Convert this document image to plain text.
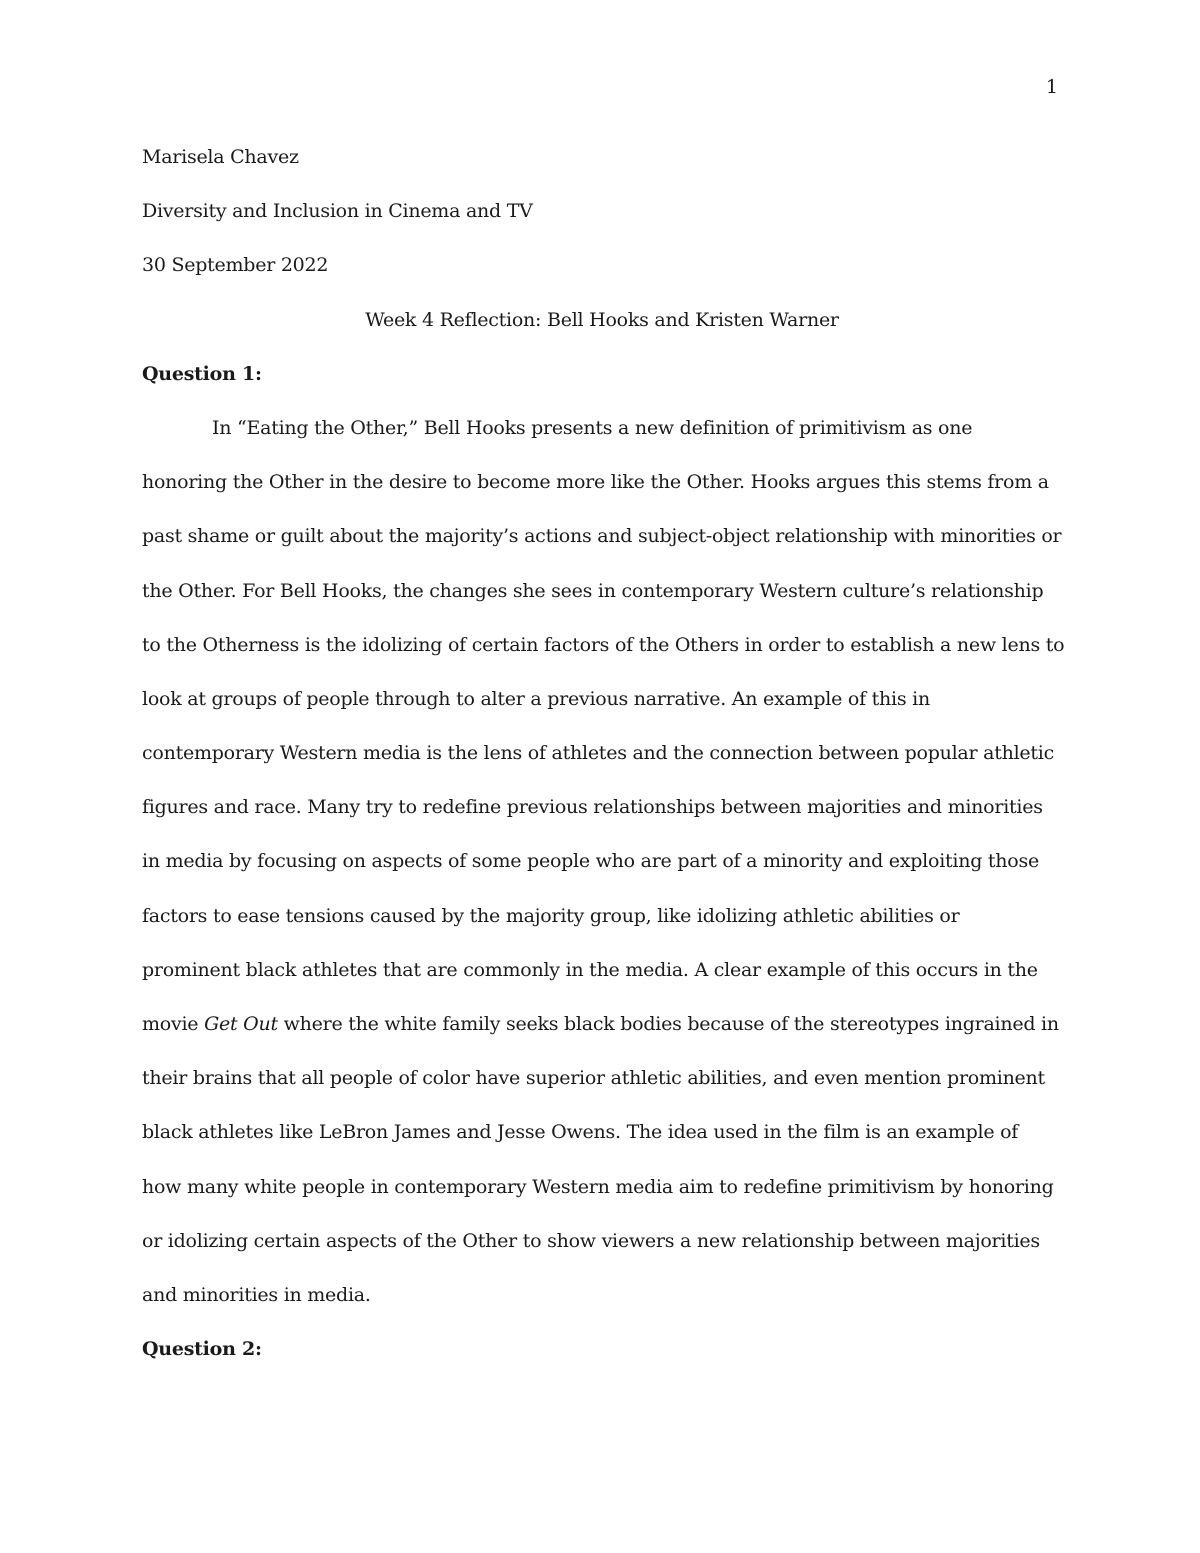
1
Marisela Chavez
Diversity and Inclusion in Cinema and TV
30 September 2022
Week 4 Reflection: Bell Hooks and Kristen Warner
Question 1:
In “Eating the Other,” Bell Hooks presents a new definition of primitivism as one
honoring the Other in the desire to become more like the Other. Hooks argues this stems from a
past shame or guilt about the majority’s actions and subject-object relationship with minorities or
the Other. For Bell Hooks, the changes she sees in contemporary Western culture’s relationship
to the Otherness is the idolizing of certain factors of the Others in order to establish a new lens to
look at groups of people through to alter a previous narrative. An example of this in
contemporary Western media is the lens of athletes and the connection between popular athletic
figures and race. Many try to redefine previous relationships between majorities and minorities
in media by focusing on aspects of some people who are part of a minority and exploiting those
factors to ease tensions caused by the majority group, like idolizing athletic abilities or
prominent black athletes that are commonly in the media. A clear example of this occurs in the
movie Get Out where the white family seeks black bodies because of the stereotypes ingrained in
their brains that all people of color have superior athletic abilities, and even mention prominent
black athletes like LeBron James and Jesse Owens. The idea used in the film is an example of
how many white people in contemporary Western media aim to redefine primitivism by honoring
or idolizing certain aspects of the Other to show viewers a new relationship between majorities
and minorities in media.
Question 2:
